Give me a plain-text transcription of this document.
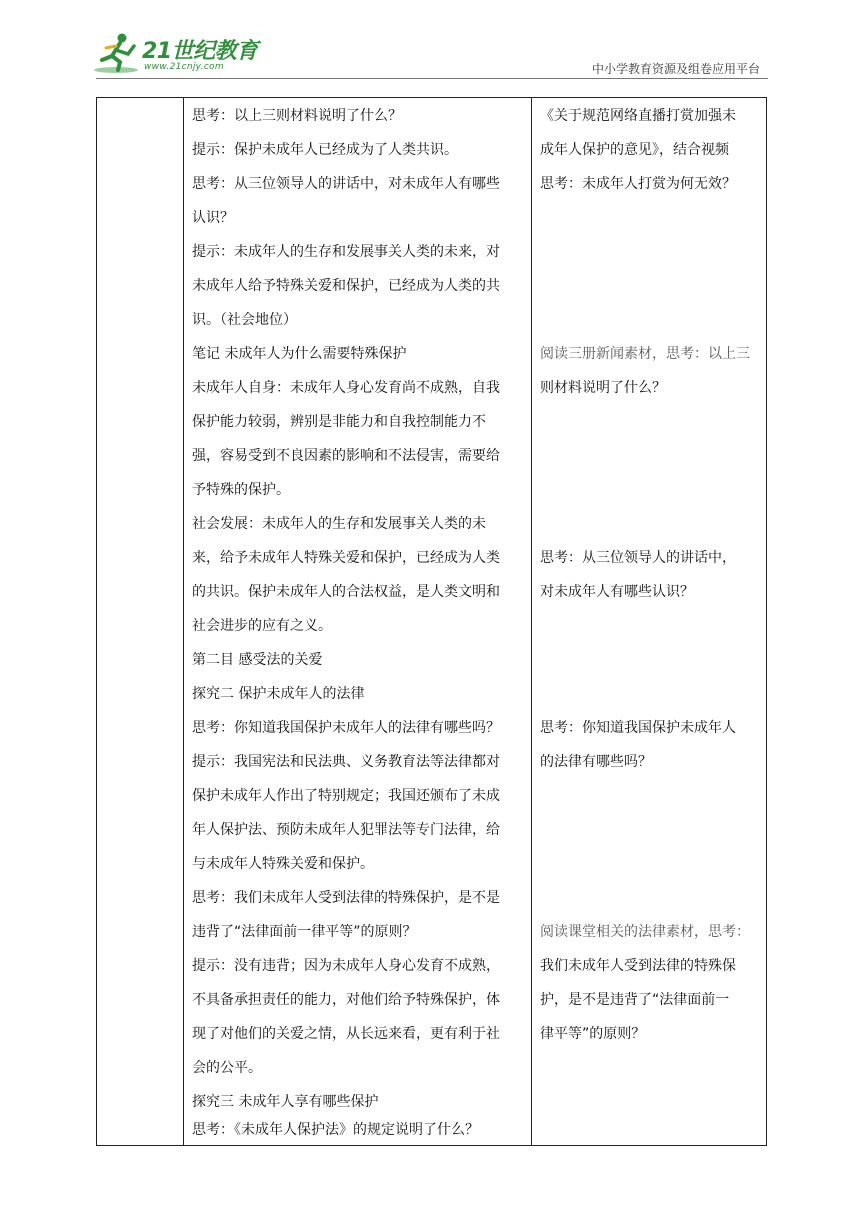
21世纪教育
www.21cnjy.com	中小学教育资源及组卷应用平台
思考：以上三则材料说明了什么？
提示：保护未成年人已经成为了人类共识。
思考：从三位领导人的讲话中，对未成年人有哪些
认识？
提示：未成年人的生存和发展事关人类的未来，对
未成年人给予特殊关爱和保护，已经成为人类的共
识。（社会地位）
笔记 未成年人为什么需要特殊保护
未成年人自身：未成年人身心发育尚不成熟，自我
保护能力较弱，辨别是非能力和自我控制能力不
强，容易受到不良因素的影响和不法侵害，需要给
予特殊的保护。
社会发展：未成年人的生存和发展事关人类的未
来，给予未成年人特殊关爱和保护，已经成为人类
的共识。保护未成年人的合法权益，是人类文明和
社会进步的应有之义。
第二目 感受法的关爱
探究二 保护未成年人的法律
思考：你知道我国保护未成年人的法律有哪些吗？
提示：我国宪法和民法典、义务教育法等法律都对
保护未成年人作出了特别规定；我国还颁布了未成
年人保护法、预防未成年人犯罪法等专门法律，给
与未成年人特殊关爱和保护。
思考：我们未成年人受到法律的特殊保护，是不是
违背了“法律面前一律平等”的原则？
提示：没有违背；因为未成年人身心发育不成熟，
不具备承担责任的能力，对他们给予特殊保护，体
现了对他们的关爱之情，从长远来看，更有利于社
会的公平。
探究三 未成年人享有哪些保护
思考：《未成年人保护法》的规定说明了什么？
《关于规范网络直播打赏加强未
成年人保护的意见》，结合视频
思考：未成年人打赏为何无效？
阅读三册新闻素材，思考：以上三
则材料说明了什么？
思考：从三位领导人的讲话中，
对未成年人有哪些认识？
思考：你知道我国保护未成年人
的法律有哪些吗？
阅读课堂相关的法律素材，思考：
我们未成年人受到法律的特殊保
护，是不是违背了“法律面前一
律平等”的原则？
